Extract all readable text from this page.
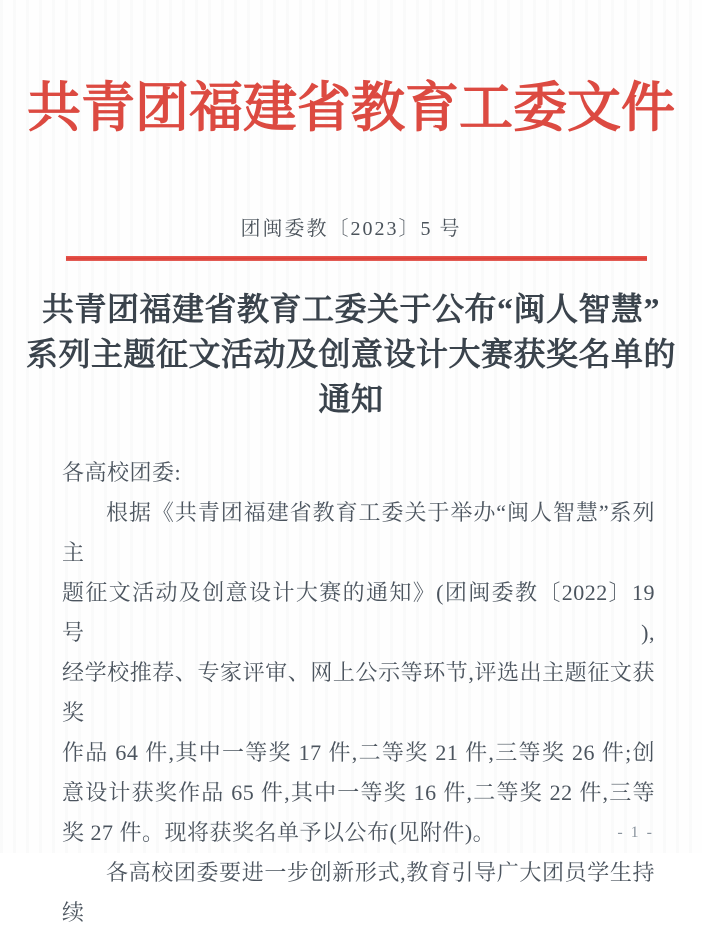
共青团福建省教育工委文件
团闽委教〔2023〕5 号
共青团福建省教育工委关于公布“闽人智慧”
系列主题征文活动及创意设计大赛获奖名单的
通知
各高校团委:
根据《共青团福建省教育工委关于举办“闽人智慧”系列主
题征文活动及创意设计大赛的通知》(团闽委教〔2022〕19 号),
经学校推荐、专家评审、网上公示等环节,评选出主题征文获奖
作品 64 件,其中一等奖 17 件,二等奖 21 件,三等奖 26 件;创
意设计获奖作品 65 件,其中一等奖 16 件,二等奖 22 件,三等
奖 27 件。现将获奖名单予以公布(见附件)。
各高校团委要进一步创新形式,教育引导广大团员学生持续
- 1 -
